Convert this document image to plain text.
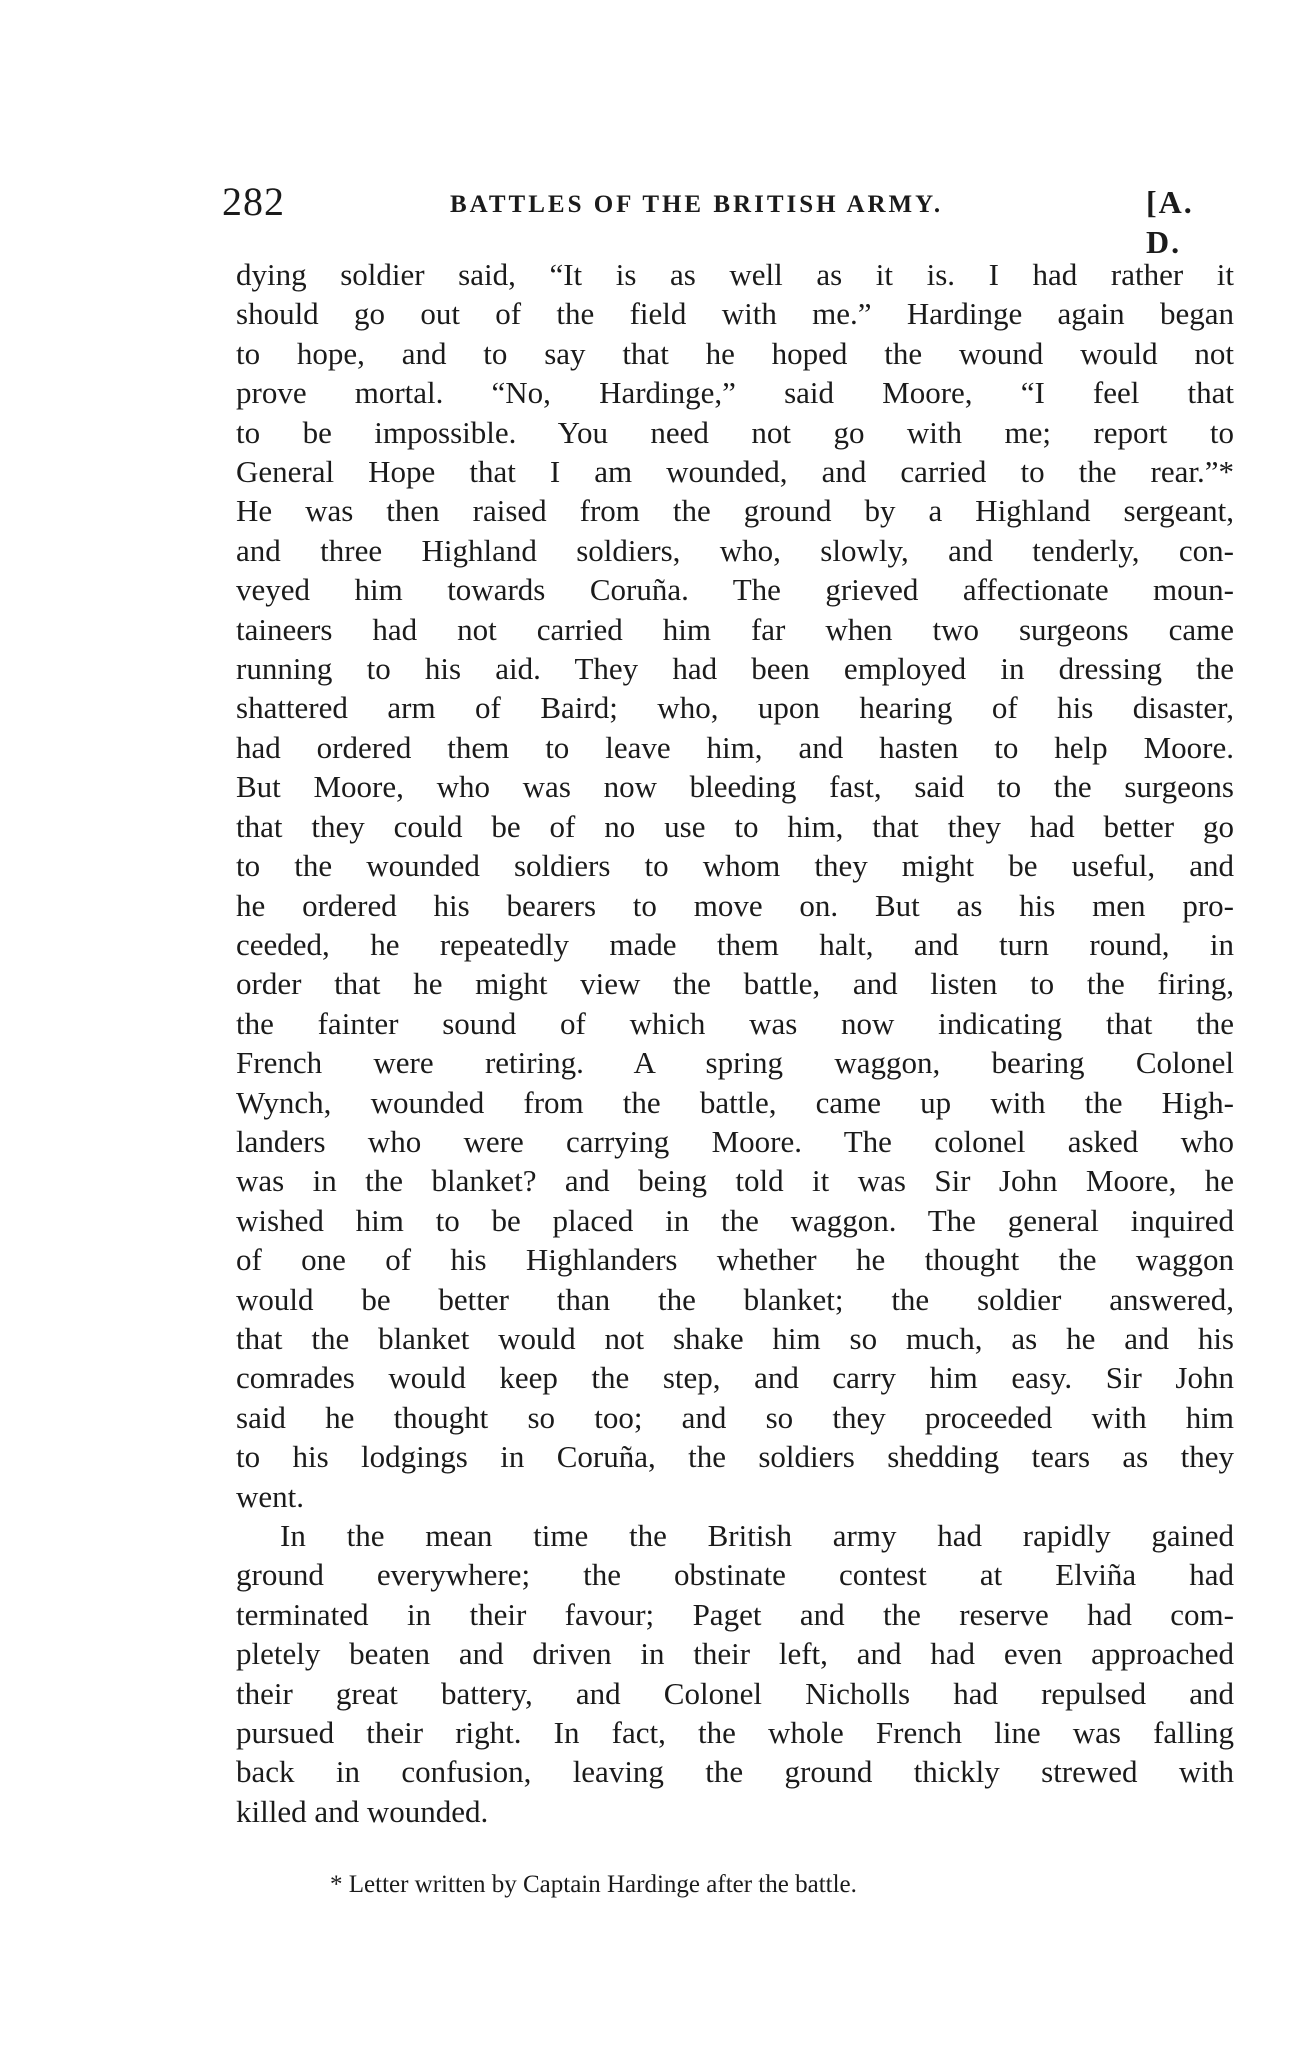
282	BATTLES OF THE BRITISH ARMY.	[A. D.
dying soldier said, “It is as well as it is. I had rather it
should go out of the field with me.” Hardinge again began
to hope, and to say that he hoped the wound would not
prove mortal. “No, Hardinge,” said Moore, “I feel that
to be impossible. You need not go with me; report to
General Hope that I am wounded, and carried to the rear.”*
He was then raised from the ground by a Highland sergeant,
and three Highland soldiers, who, slowly, and tenderly, con-
veyed him towards Coruña. The grieved affectionate moun-
taineers had not carried him far when two surgeons came
running to his aid. They had been employed in dressing the
shattered arm of Baird; who, upon hearing of his disaster,
had ordered them to leave him, and hasten to help Moore.
But Moore, who was now bleeding fast, said to the surgeons
that they could be of no use to him, that they had better go
to the wounded soldiers to whom they might be useful, and
he ordered his bearers to move on. But as his men pro-
ceeded, he repeatedly made them halt, and turn round, in
order that he might view the battle, and listen to the firing,
the fainter sound of which was now indicating that the
French were retiring. A spring waggon, bearing Colonel
Wynch, wounded from the battle, came up with the High-
landers who were carrying Moore. The colonel asked who
was in the blanket? and being told it was Sir John Moore, he
wished him to be placed in the waggon. The general inquired
of one of his Highlanders whether he thought the waggon
would be better than the blanket; the soldier answered,
that the blanket would not shake him so much, as he and his
comrades would keep the step, and carry him easy. Sir John
said he thought so too; and so they proceeded with him
to his lodgings in Coruña, the soldiers shedding tears as they
went.
In the mean time the British army had rapidly gained
ground everywhere; the obstinate contest at Elviña had
terminated in their favour; Paget and the reserve had com-
pletely beaten and driven in their left, and had even approached
their great battery, and Colonel Nicholls had repulsed and
pursued their right. In fact, the whole French line was falling
back in confusion, leaving the ground thickly strewed with
killed and wounded.
* Letter written by Captain Hardinge after the battle.
